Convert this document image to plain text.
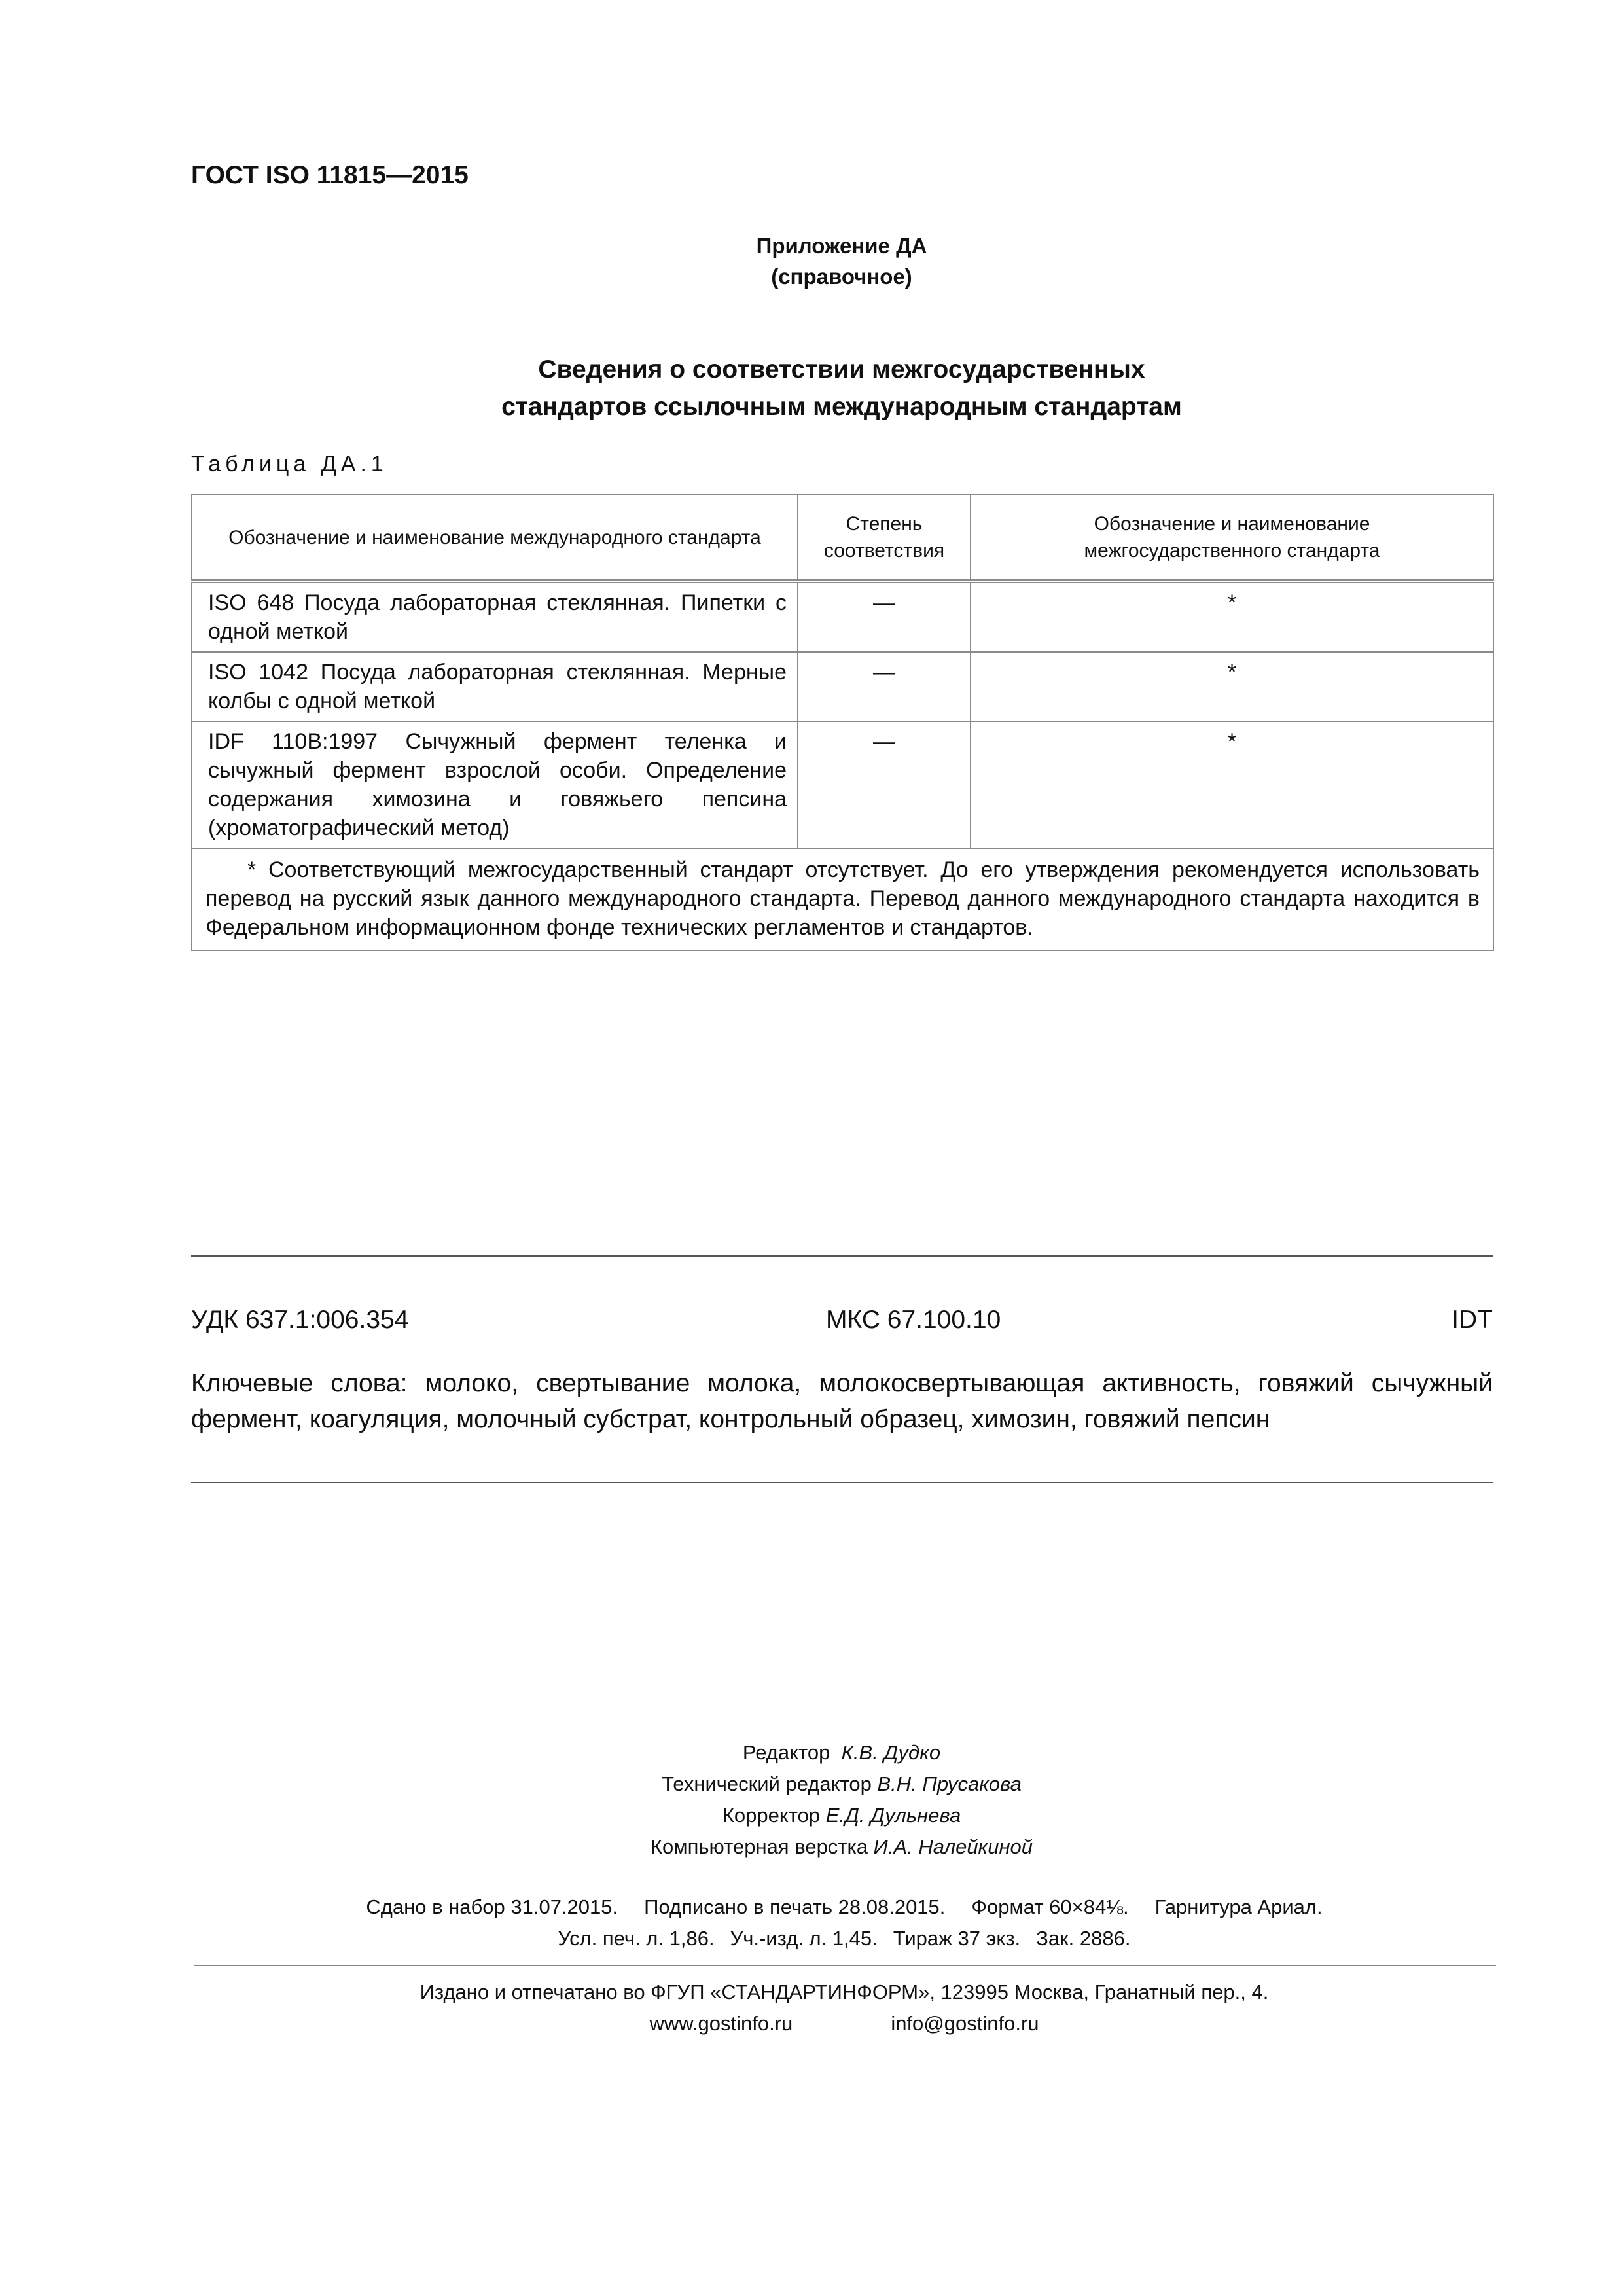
ГОСТ ISO 11815—2015
Приложение ДА
(справочное)
Сведения о соответствии межгосударственных
стандартов ссылочным международным стандартам
Таблица ДА.1
Обозначение и наименование международного стандарта	Степень соответствия	Обозначение и наименование межгосударственного стандарта
ISO 648 Посуда лабораторная стеклянная. Пипетки с одной меткой	—	*
ISO 1042 Посуда лабораторная стеклянная. Мерные колбы с одной меткой	—	*
IDF 110B:1997 Сычужный фермент теленка и сычужный фермент взрослой особи. Определение содержания химозина и говяжьего пепсина (хроматографический метод)	—	*
* Соответствующий межгосударственный стандарт отсутствует. До его утверждения рекомендуется использовать перевод на русский язык данного международного стандарта. Перевод данного международного стандарта находится в Федеральном информационном фонде технических регламентов и стандартов.		
УДК 637.1:006.354	МКС 67.100.10	IDT
Ключевые слова: молоко, свертывание молока, молокосвертывающая активность, говяжий сычужный фермент, коагуляция, молочный субстрат, контрольный образец, химозин, говяжий пепсин
Редактор К.В. Дудко
Технический редактор В.Н. Прусакова
Корректор Е.Д. Дульнева
Компьютерная верстка И.А. Налейкиной
Сдано в набор 31.07.2015. Подписано в печать 28.08.2015. Формат 60×84⅛. Гарнитура Ариал.
Усл. печ. л. 1,86. Уч.-изд. л. 1,45. Тираж 37 экз. Зак. 2886.
Издано и отпечатано во ФГУП «СТАНДАРТИНФОРМ», 123995 Москва, Гранатный пер., 4.
www.gostinfo.ru	info@gostinfo.ru
